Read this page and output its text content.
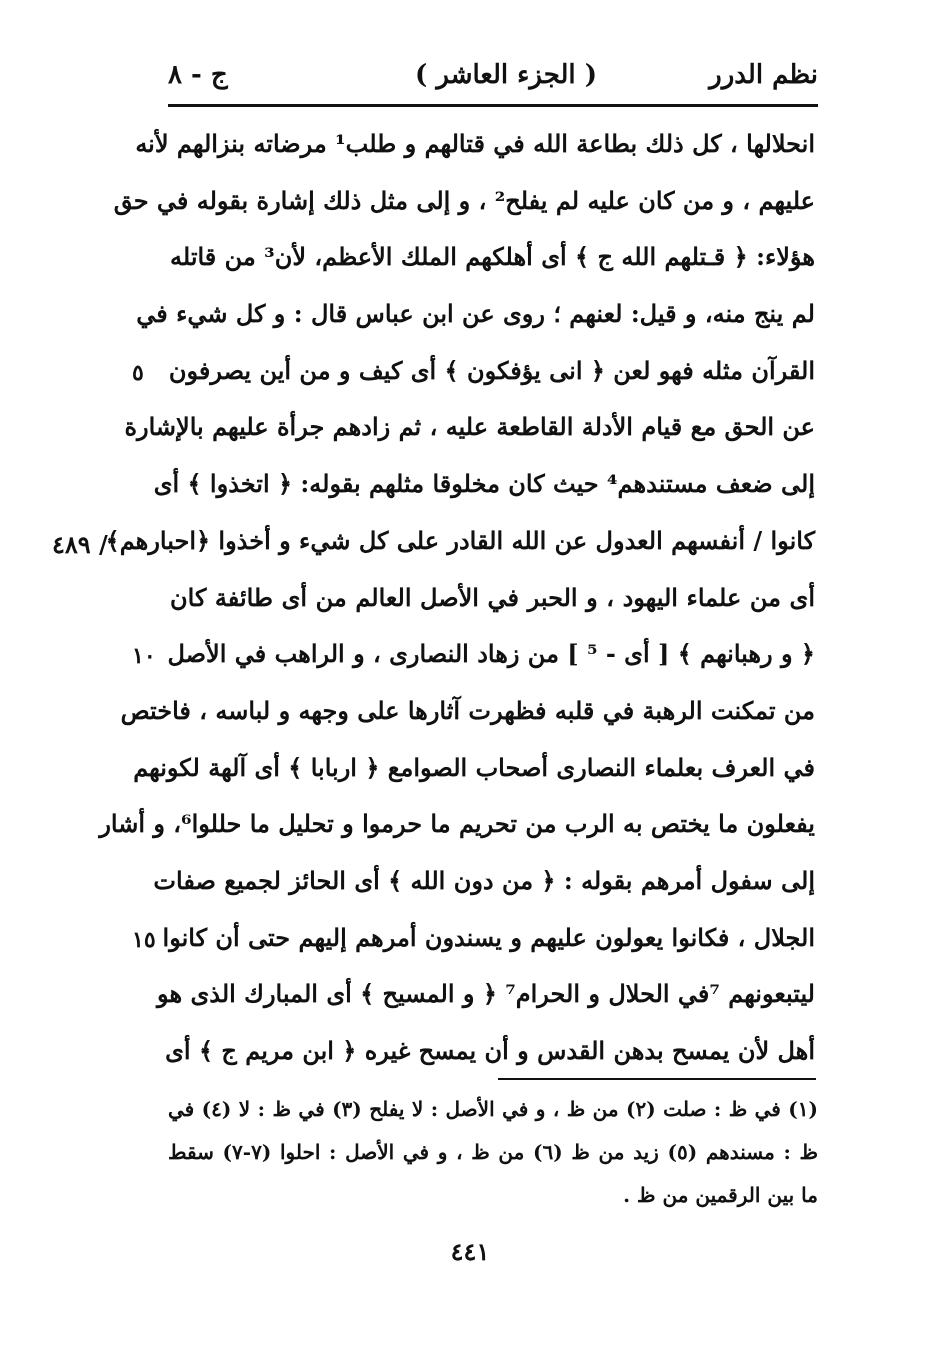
ج - ٨	( الجزء العاشر )	نظم الدرر
انحلالها ، كل ذلك بطاعة الله في قتالهم و طلب¹ مرضاته بنزالهم لأنه
عليهم ، و من كان عليه لم يفلح² ، و إلى مثل ذلك إشارة بقوله في حق
هؤلاء: ﴿ قـتلهم الله ج ﴾ أى أهلكهم الملك الأعظم، لأن³ من قاتله
لم ينج منه، و قيل: لعنهم ؛ روى عن ابن عباس قال : و كل شيء في
القرآن مثله فهو لعن ﴿ انى يؤفكون ﴾ أى كيف و من أين يصرفون
عن الحق مع قيام الأدلة القاطعة عليه ، ثم زادهم جرأة عليهم بالإشارة
إلى ضعف مستندهم⁴ حيث كان مخلوقا مثلهم بقوله: ﴿ اتخذوا ﴾ أى
كانوا / أنفسهم العدول عن الله القادر على كل شيء و أخذوا ﴿احبارهم﴾
أى من علماء اليهود ، و الحبر في الأصل العالم من أى طائفة كان
﴿ و رهبانهم ﴾ [ أى - ⁵ ] من زهاد النصارى ، و الراهب في الأصل
من تمكنت الرهبة في قلبه فظهرت آثارها على وجهه و لباسه ، فاختص
في العرف بعلماء النصارى أصحاب الصوامع ﴿ اربابا ﴾ أى آلهة لكونهم
يفعلون ما يختص به الرب من تحريم ما حرموا و تحليل ما حللوا⁶، و أشار
إلى سفول أمرهم بقوله : ﴿ من دون الله ﴾ أى الحائز لجميع صفات
الجلال ، فكانوا يعولون عليهم و يسندون أمرهم إليهم حتى أن كانوا
ليتبعونهم ⁷في الحلال و الحرام⁷ ﴿ و المسيح ﴾ أى المبارك الذى هو
أهل لأن يمسح بدهن القدس و أن يمسح غيره ﴿ ابن مريم ج ﴾ أى
٥
١٠
١٥
/ ٤٨٩
(١) في ظ : صلت (٢) من ظ ، و في الأصل : لا يفلح (٣) في ظ : لا (٤) في
ظ : مسندهم (٥) زيد من ظ (٦) من ظ ، و في الأصل : احلوا (٧-٧) سقط
ما بين الرقمين من ظ .
٤٤١
